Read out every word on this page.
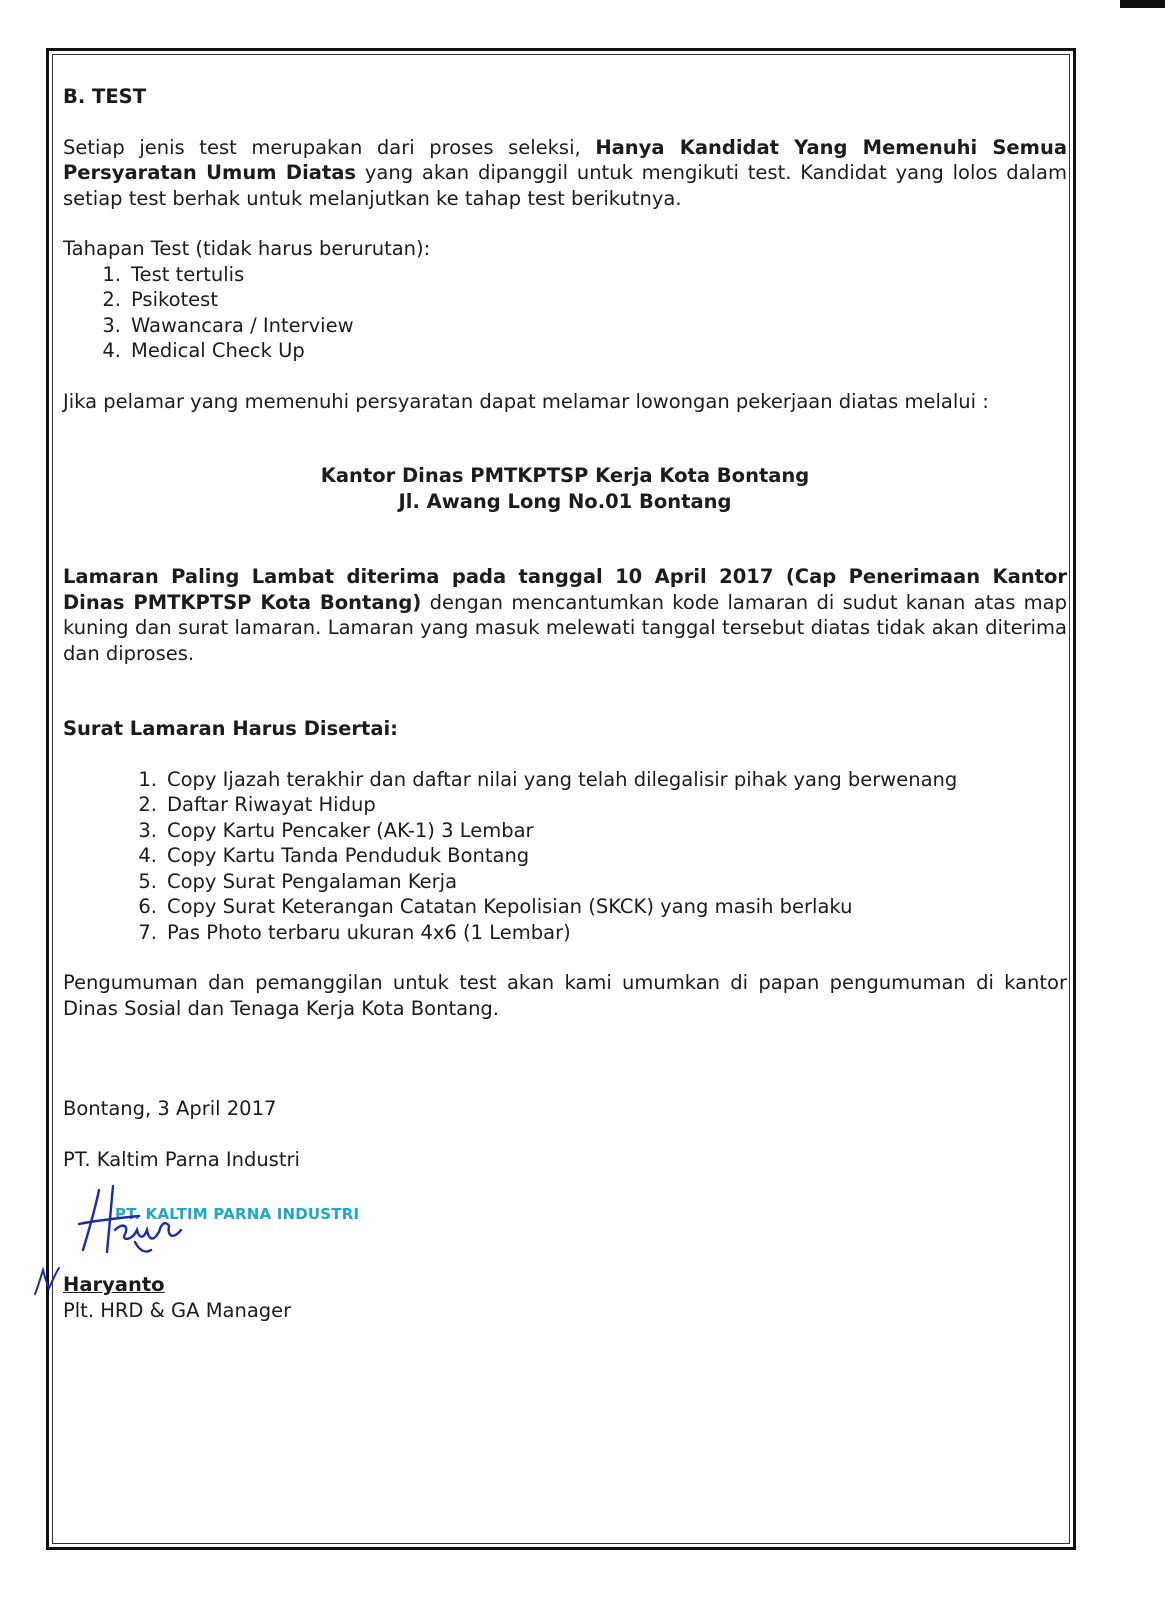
B. TEST

Setiap jenis test merupakan dari proses seleksi, Hanya Kandidat Yang Memenuhi Semua Persyaratan Umum Diatas yang akan dipanggil untuk mengikuti test. Kandidat yang lolos dalam setiap test berhak untuk melanjutkan ke tahap test berikutnya.

Tahapan Test (tidak harus berurutan):

1. Test tertulis
2. Psikotest
3. Wawancara / Interview
4. Medical Check Up

Jika pelamar yang memenuhi persyaratan dapat melamar lowongan pekerjaan diatas melalui :

Kantor Dinas PMTKPTSP Kerja Kota Bontang

Jl. Awang Long No.01 Bontang

Lamaran Paling Lambat diterima pada tanggal 10 April 2017 (Cap Penerimaan Kantor Dinas PMTKPTSP Kota Bontang) dengan mencantumkan kode lamaran di sudut kanan atas map kuning dan surat lamaran. Lamaran yang masuk melewati tanggal tersebut diatas tidak akan diterima dan diproses.

Surat Lamaran Harus Disertai:
1. Copy Ijazah terakhir dan daftar nilai yang telah dilegalisir pihak yang berwenang
2. Daftar Riwayat Hidup
3. Copy Kartu Pencaker (AK-1) 3 Lembar
4. Copy Kartu Tanda Penduduk Bontang
5. Copy Surat Pengalaman Kerja
6. Copy Surat Keterangan Catatan Kepolisian (SKCK) yang masih berlaku
7. Pas Photo terbaru ukuran 4x6 (1 Lembar)

Pengumuman dan pemanggilan untuk test akan kami umumkan di papan pengumuman di kantor Dinas Sosial dan Tenaga Kerja Kota Bontang.

Bontang, 3 April 2017

PT. Kaltim Parna Industri

PT. KALTIM PARNA INDUSTRI

Haryanto

Plt. HRD & GA Manager
